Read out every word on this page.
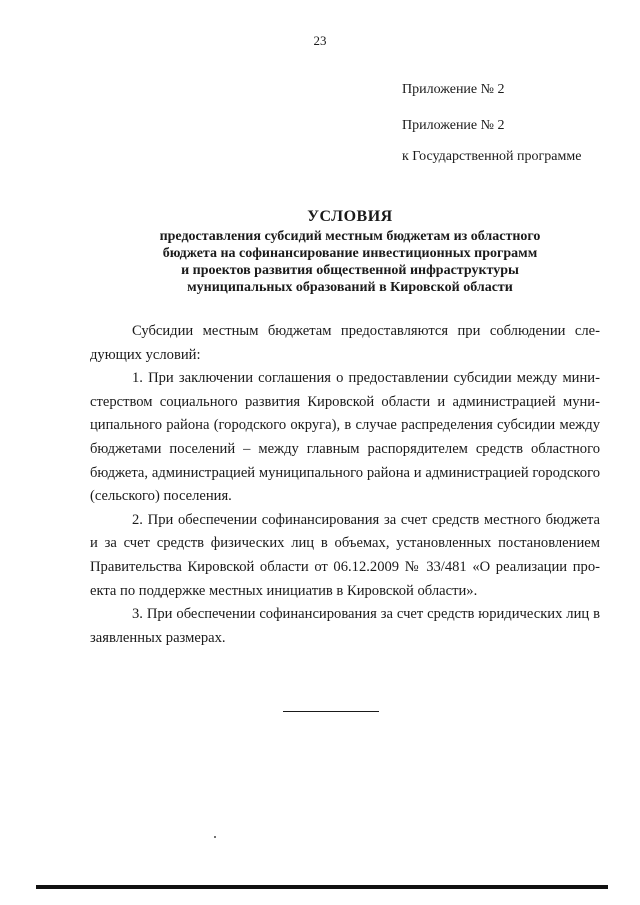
23
Приложение № 2
Приложение № 2
к Государственной программе
УСЛОВИЯ
предоставления субсидий местным бюджетам из областного
бюджета на софинансирование инвестиционных программ
и проектов развития общественной инфраструктуры
муниципальных образований в Кировской области

Субсидии местным бюджетам предоставляются при соблюдении следующих условий:

1. При заключении соглашения о предоставлении субсидии между министерством социального развития Кировской области и администрацией муниципального района (городского округа), в случае распределения субсидии между бюджетами поселений – между главным распорядителем средств областного бюджета, администрацией муниципального района и администрацией городского (сельского) поселения.

2. При обеспечении софинансирования за счет средств местного бюджета и за счет средств физических лиц в объемах, установленных постановлением Правительства Кировской области от 06.12.2009 № 33/481 «О реализации проекта по поддержке местных инициатив в Кировской области».

3. При обеспечении софинансирования за счет средств юридических лиц в заявленных размерах.
